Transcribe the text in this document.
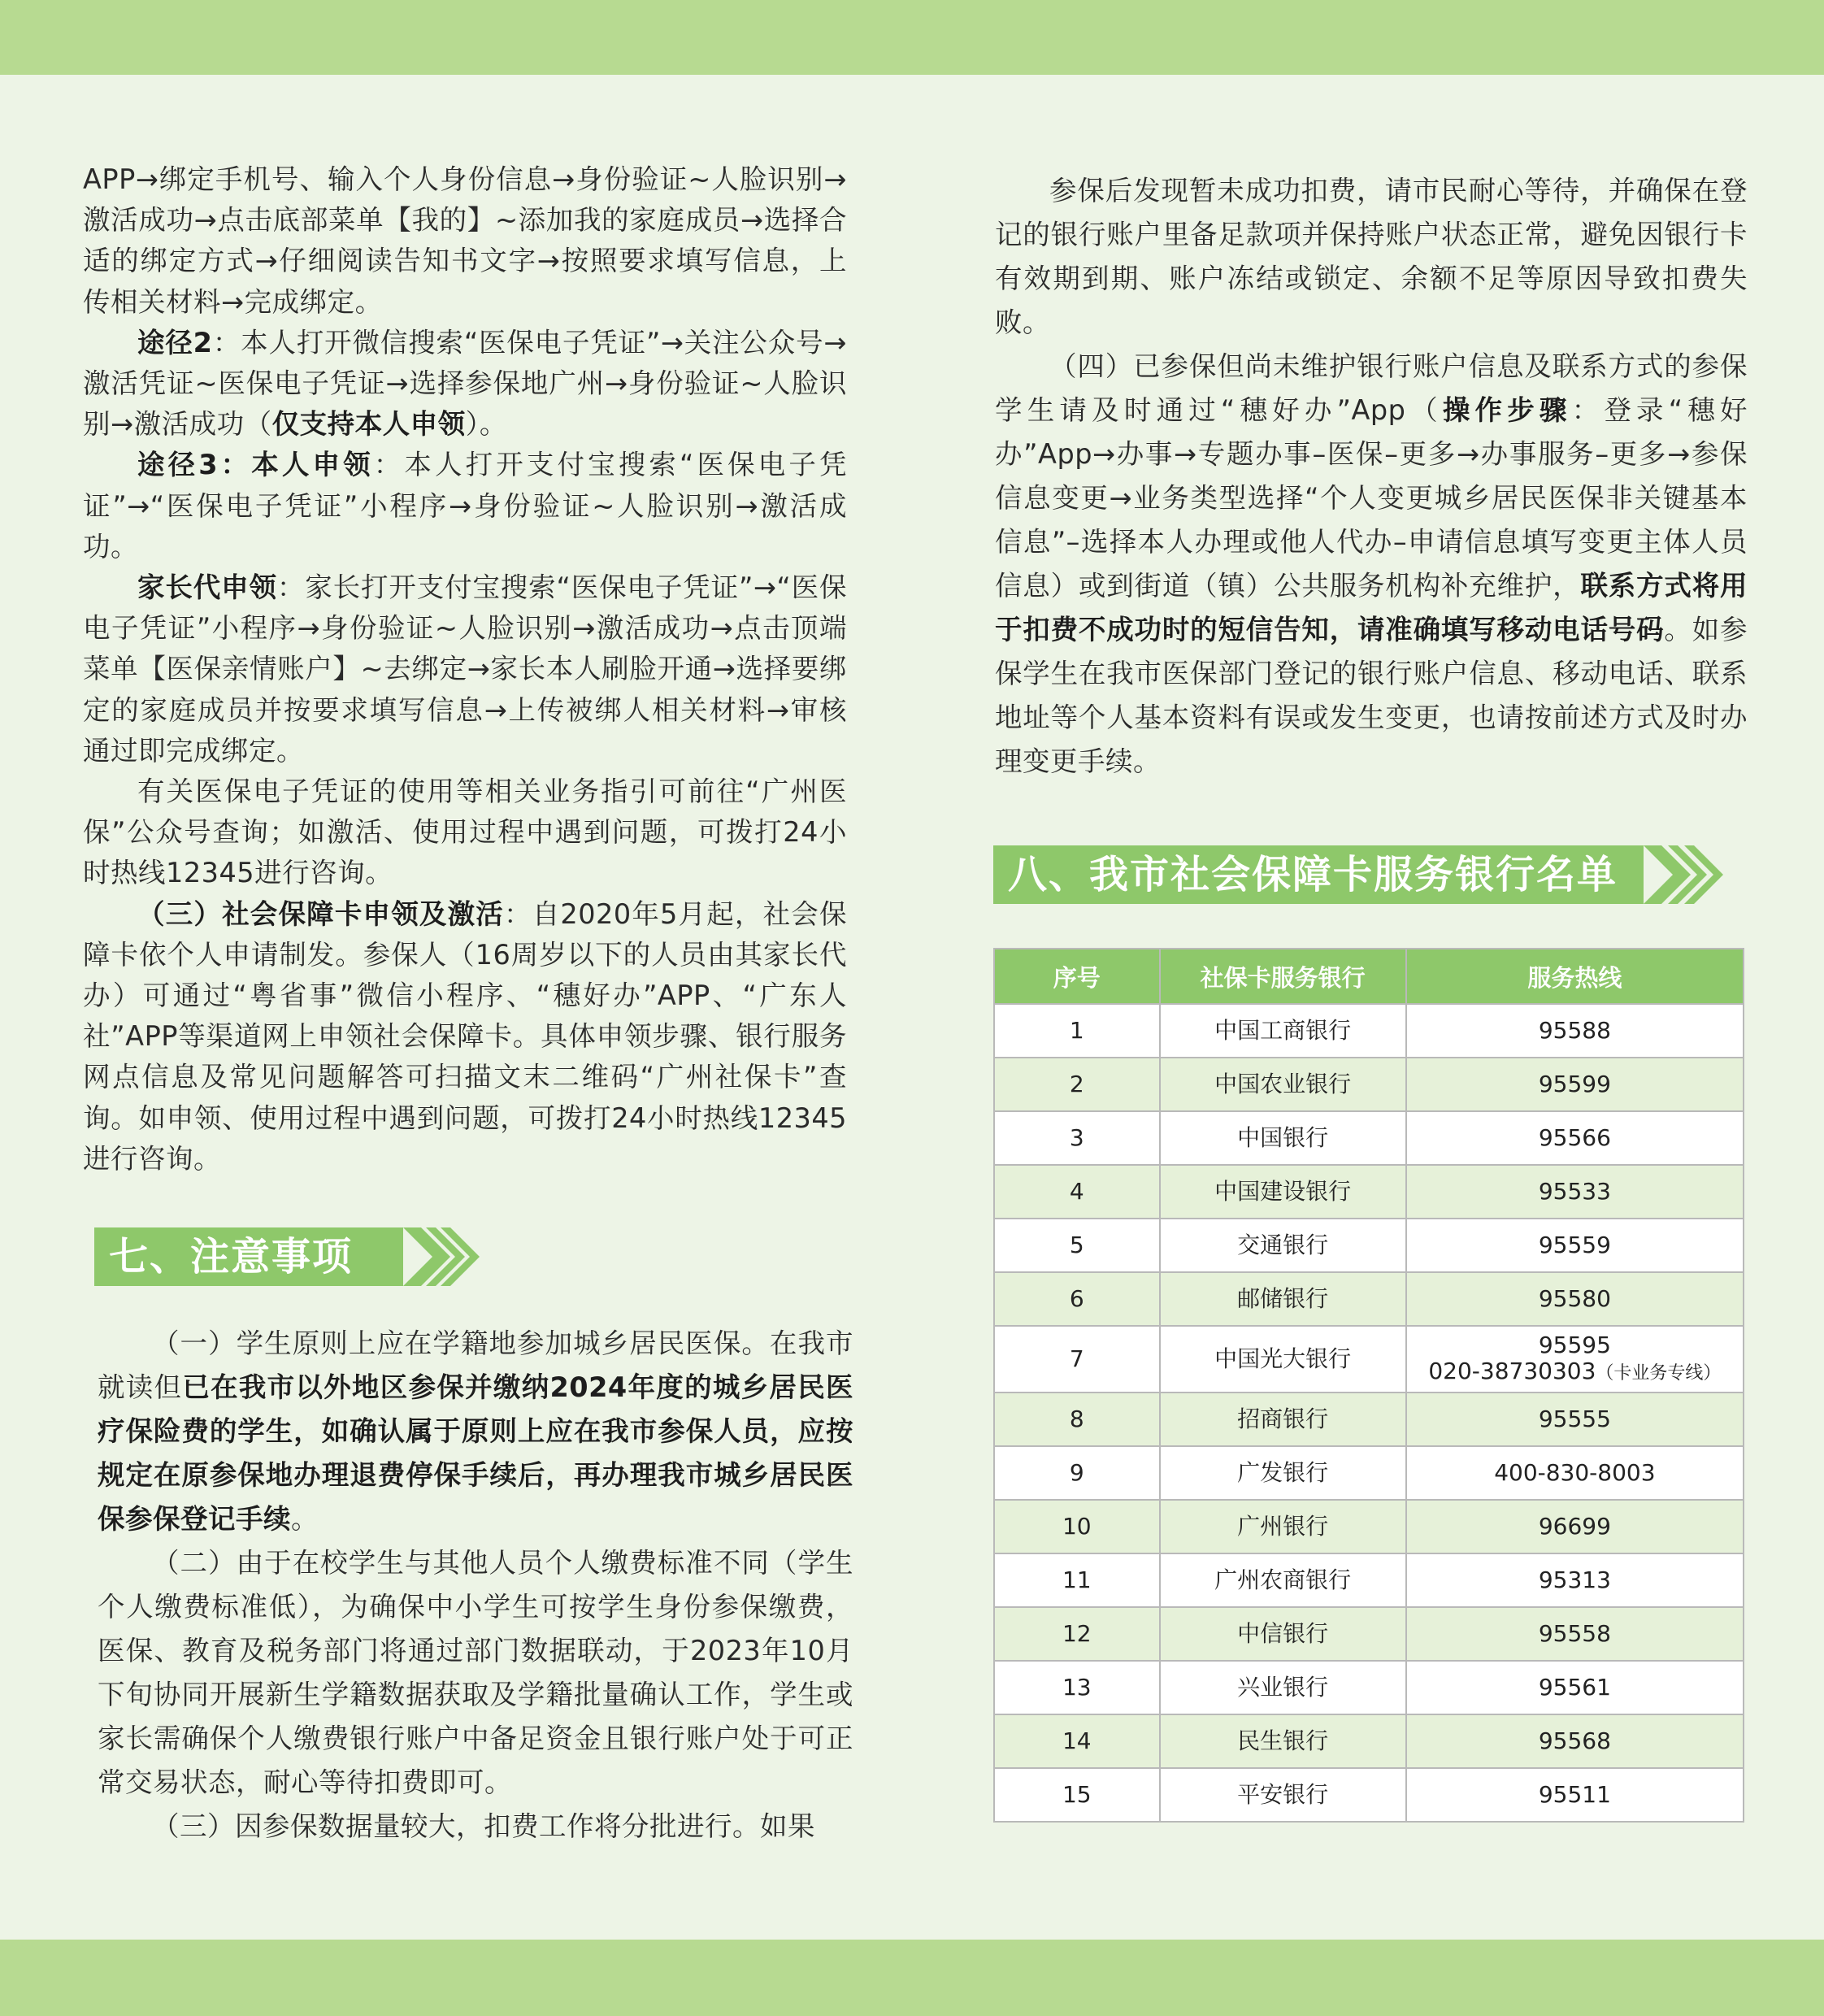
APP→绑定手机号、输入个人身份信息→身份验证~人脸识别→激活成功→点击底部菜单【我的】~添加我的家庭成员→选择合适的绑定方式→仔细阅读告知书文字→按照要求填写信息，上传相关材料→完成绑定。

途径2：本人打开微信搜索“医保电子凭证”→关注公众号→激活凭证~医保电子凭证→选择参保地广州→身份验证~人脸识别→激活成功（仅支持本人申领）。

途径3：本人申领：本人打开支付宝搜索“医保电子凭证”→“医保电子凭证”小程序→身份验证~人脸识别→激活成功。

家长代申领：家长打开支付宝搜索“医保电子凭证”→“医保电子凭证”小程序→身份验证~人脸识别→激活成功→点击顶端菜单【医保亲情账户】~去绑定→家长本人刷脸开通→选择要绑定的家庭成员并按要求填写信息→上传被绑人相关材料→审核通过即完成绑定。

有关医保电子凭证的使用等相关业务指引可前往“广州医保”公众号查询；如激活、使用过程中遇到问题，可拨打24小时热线12345进行咨询。

（三）社会保障卡申领及激活：自2020年5月起，社会保障卡依个人申请制发。参保人（16周岁以下的人员由其家长代办）可通过“粤省事”微信小程序、“穗好办”APP、“广东人社”APP等渠道网上申领社会保障卡。具体申领步骤、银行服务网点信息及常见问题解答可扫描文末二维码“广州社保卡”查询。如申领、使用过程中遇到问题，可拨打24小时热线12345进行咨询。

七、注意事项

（一）学生原则上应在学籍地参加城乡居民医保。在我市就读但已在我市以外地区参保并缴纳2024年度的城乡居民医疗保险费的学生，如确认属于原则上应在我市参保人员，应按规定在原参保地办理退费停保手续后，再办理我市城乡居民医保参保登记手续。

（二）由于在校学生与其他人员个人缴费标准不同（学生个人缴费标准低），为确保中小学生可按学生身份参保缴费，医保、教育及税务部门将通过部门数据联动，于2023年10月下旬协同开展新生学籍数据获取及学籍批量确认工作，学生或家长需确保个人缴费银行账户中备足资金且银行账户处于可正常交易状态，耐心等待扣费即可。

（三）因参保数据量较大，扣费工作将分批进行。如果

参保后发现暂未成功扣费，请市民耐心等待，并确保在登记的银行账户里备足款项并保持账户状态正常，避免因银行卡有效期到期、账户冻结或锁定、余额不足等原因导致扣费失败。

（四）已参保但尚未维护银行账户信息及联系方式的参保学生请及时通过“穗好办”App（操作步骤：登录“穗好办”App→办事→专题办事–医保–更多→办事服务–更多→参保信息变更→业务类型选择“个人变更城乡居民医保非关键基本信息”–选择本人办理或他人代办–申请信息填写变更主体人员信息）或到街道（镇）公共服务机构补充维护，联系方式将用于扣费不成功时的短信告知，请准确填写移动电话号码。如参保学生在我市医保部门登记的银行账户信息、移动电话、联系地址等个人基本资料有误或发生变更，也请按前述方式及时办理变更手续。

八、我市社会保障卡服务银行名单
序号	社保卡服务银行	服务热线
1	中国工商银行	95588
2	中国农业银行	95599
3	中国银行	95566
4	中国建设银行	95533
5	交通银行	95559
6	邮储银行	95580
7	中国光大银行	95595
020-38730303（卡业务专线）

8	招商银行	95555
9	广发银行	400-830-8003
10	广州银行	96699
11	广州农商银行	95313
12	中信银行	95558
13	兴业银行	95561
14	民生银行	95568
15	平安银行	95511
